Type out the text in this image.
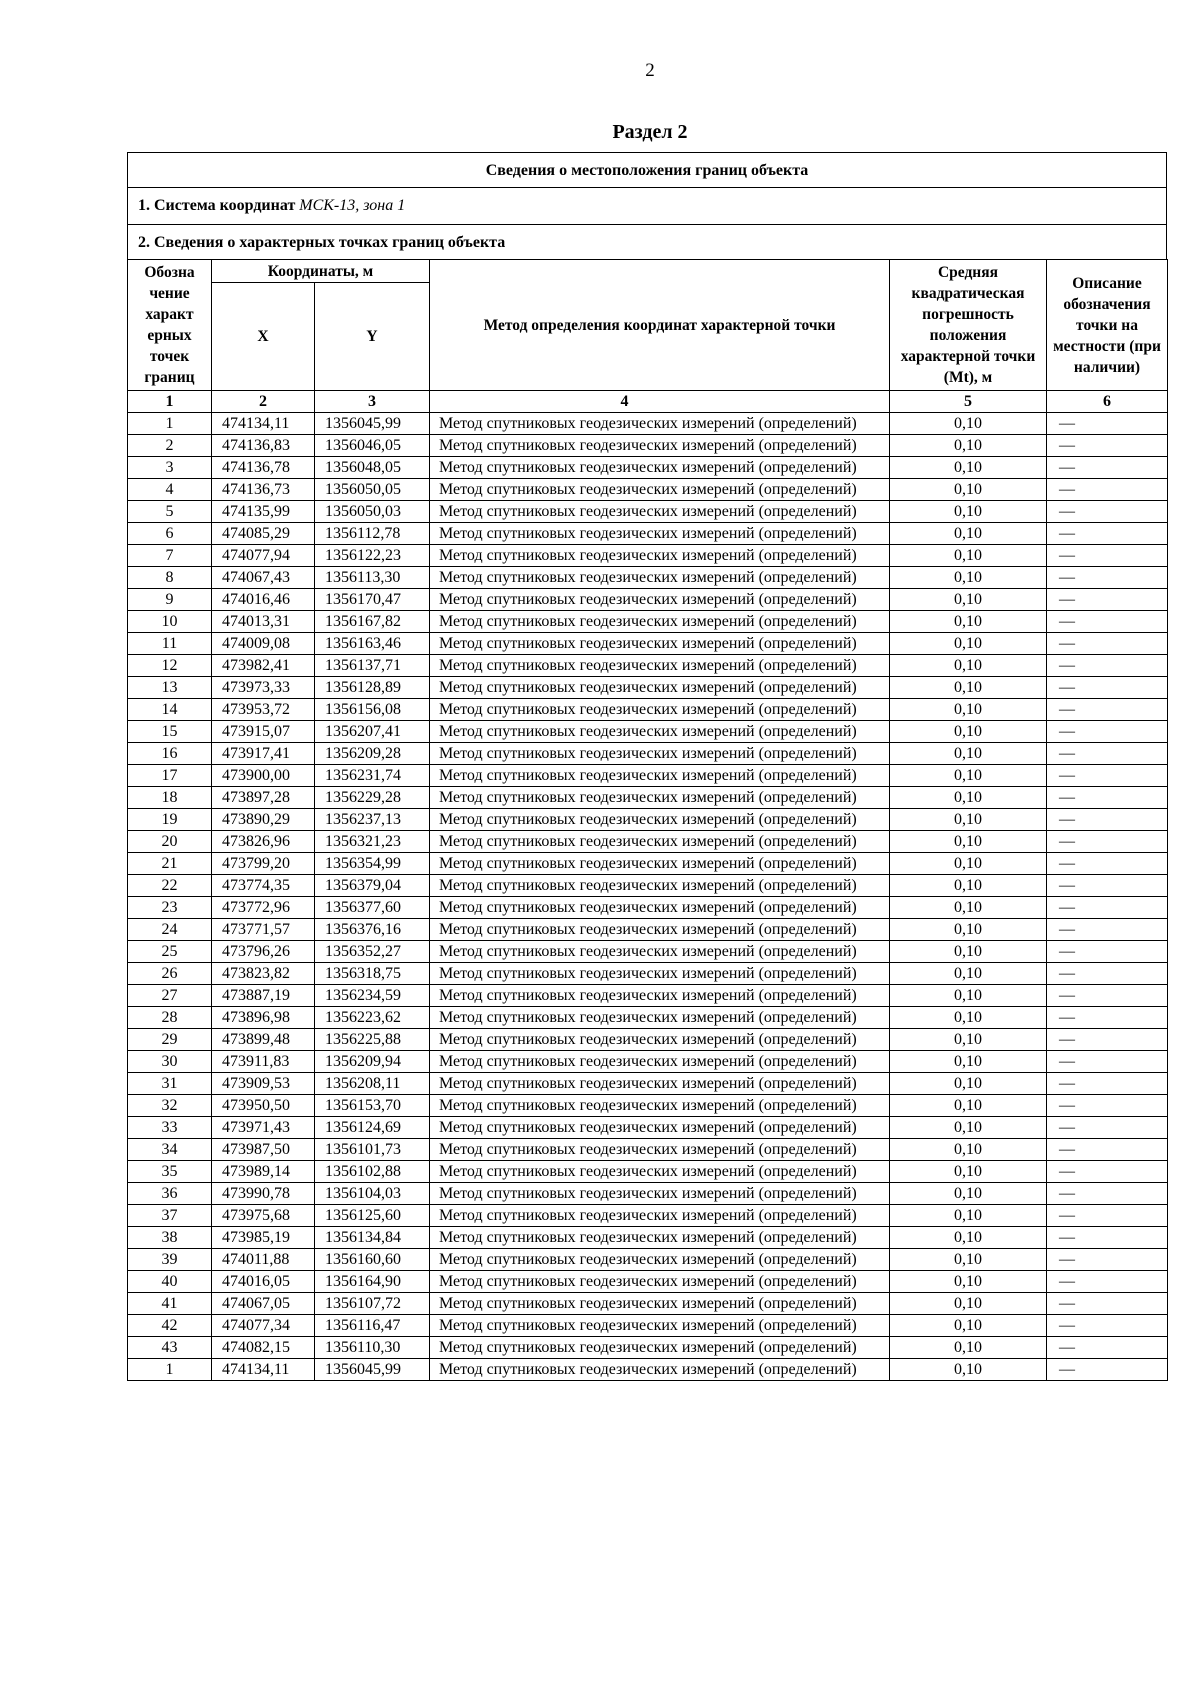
2
Раздел 2
Сведения о местоположения границ объекта
1. Система координат МСК-13, зона 1
2. Сведения о характерных точках границ объекта
Обозна чение характ ерных точек границ	Координаты, м		Метод определения координат характерной точки	Средняя квадратическая погрешность положения характерной точки (Mt), м	Описание обозначения точки на местности (при наличии)
	X	Y			
1	2	3	4	5	6
1	474134,11	1356045,99	Метод спутниковых геодезических измерений (определений)	0,10	—
2	474136,83	1356046,05	Метод спутниковых геодезических измерений (определений)	0,10	—
3	474136,78	1356048,05	Метод спутниковых геодезических измерений (определений)	0,10	—
4	474136,73	1356050,05	Метод спутниковых геодезических измерений (определений)	0,10	—
5	474135,99	1356050,03	Метод спутниковых геодезических измерений (определений)	0,10	—
6	474085,29	1356112,78	Метод спутниковых геодезических измерений (определений)	0,10	—
7	474077,94	1356122,23	Метод спутниковых геодезических измерений (определений)	0,10	—
8	474067,43	1356113,30	Метод спутниковых геодезических измерений (определений)	0,10	—
9	474016,46	1356170,47	Метод спутниковых геодезических измерений (определений)	0,10	—
10	474013,31	1356167,82	Метод спутниковых геодезических измерений (определений)	0,10	—
11	474009,08	1356163,46	Метод спутниковых геодезических измерений (определений)	0,10	—
12	473982,41	1356137,71	Метод спутниковых геодезических измерений (определений)	0,10	—
13	473973,33	1356128,89	Метод спутниковых геодезических измерений (определений)	0,10	—
14	473953,72	1356156,08	Метод спутниковых геодезических измерений (определений)	0,10	—
15	473915,07	1356207,41	Метод спутниковых геодезических измерений (определений)	0,10	—
16	473917,41	1356209,28	Метод спутниковых геодезических измерений (определений)	0,10	—
17	473900,00	1356231,74	Метод спутниковых геодезических измерений (определений)	0,10	—
18	473897,28	1356229,28	Метод спутниковых геодезических измерений (определений)	0,10	—
19	473890,29	1356237,13	Метод спутниковых геодезических измерений (определений)	0,10	—
20	473826,96	1356321,23	Метод спутниковых геодезических измерений (определений)	0,10	—
21	473799,20	1356354,99	Метод спутниковых геодезических измерений (определений)	0,10	—
22	473774,35	1356379,04	Метод спутниковых геодезических измерений (определений)	0,10	—
23	473772,96	1356377,60	Метод спутниковых геодезических измерений (определений)	0,10	—
24	473771,57	1356376,16	Метод спутниковых геодезических измерений (определений)	0,10	—
25	473796,26	1356352,27	Метод спутниковых геодезических измерений (определений)	0,10	—
26	473823,82	1356318,75	Метод спутниковых геодезических измерений (определений)	0,10	—
27	473887,19	1356234,59	Метод спутниковых геодезических измерений (определений)	0,10	—
28	473896,98	1356223,62	Метод спутниковых геодезических измерений (определений)	0,10	—
29	473899,48	1356225,88	Метод спутниковых геодезических измерений (определений)	0,10	—
30	473911,83	1356209,94	Метод спутниковых геодезических измерений (определений)	0,10	—
31	473909,53	1356208,11	Метод спутниковых геодезических измерений (определений)	0,10	—
32	473950,50	1356153,70	Метод спутниковых геодезических измерений (определений)	0,10	—
33	473971,43	1356124,69	Метод спутниковых геодезических измерений (определений)	0,10	—
34	473987,50	1356101,73	Метод спутниковых геодезических измерений (определений)	0,10	—
35	473989,14	1356102,88	Метод спутниковых геодезических измерений (определений)	0,10	—
36	473990,78	1356104,03	Метод спутниковых геодезических измерений (определений)	0,10	—
37	473975,68	1356125,60	Метод спутниковых геодезических измерений (определений)	0,10	—
38	473985,19	1356134,84	Метод спутниковых геодезических измерений (определений)	0,10	—
39	474011,88	1356160,60	Метод спутниковых геодезических измерений (определений)	0,10	—
40	474016,05	1356164,90	Метод спутниковых геодезических измерений (определений)	0,10	—
41	474067,05	1356107,72	Метод спутниковых геодезических измерений (определений)	0,10	—
42	474077,34	1356116,47	Метод спутниковых геодезических измерений (определений)	0,10	—
43	474082,15	1356110,30	Метод спутниковых геодезических измерений (определений)	0,10	—
1	474134,11	1356045,99	Метод спутниковых геодезических измерений (определений)	0,10	—
